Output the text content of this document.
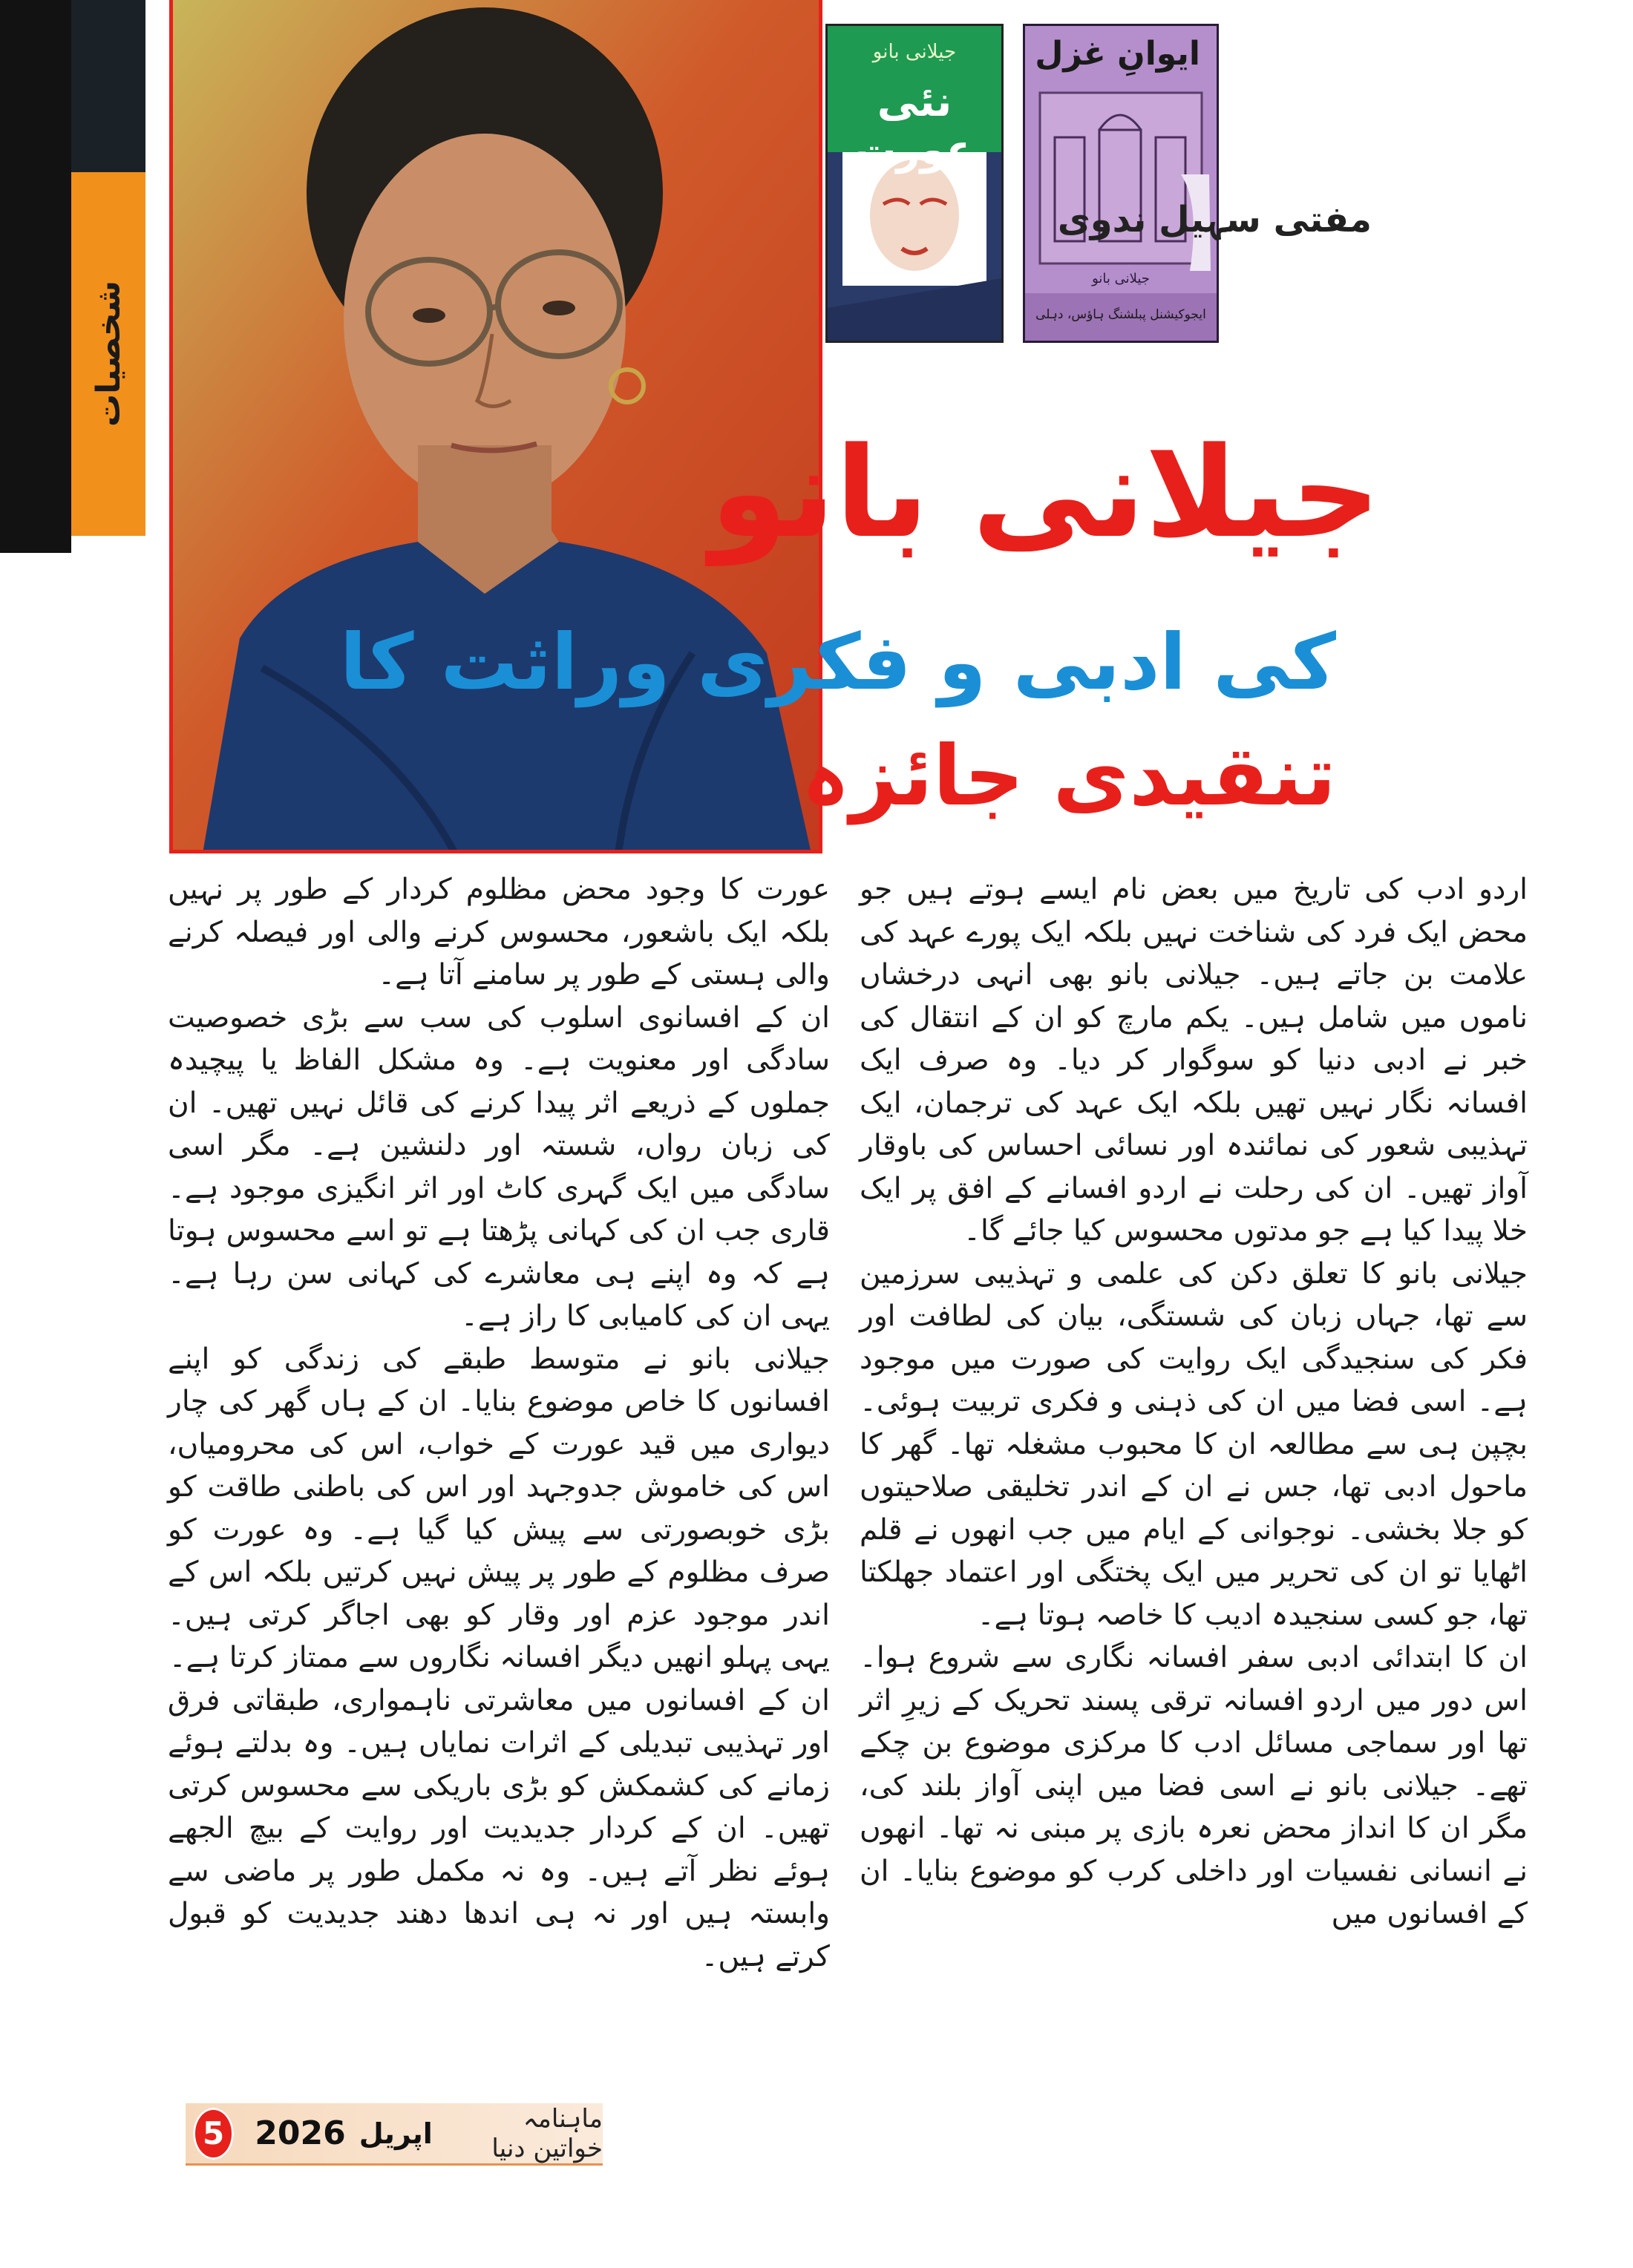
شخصیات
جیلانی بانو
نئی عورت
ایوانِ غزل
جیلانی بانو
ایجوکیشنل پبلشنگ ہاؤس، دہلی
مفتی سہیل ندوی
جیلانی بانو
کی ادبی و فکری وراثت کا
تنقیدی جائزہ

اردو ادب کی تاریخ میں بعض نام ایسے ہوتے ہیں جو محض ایک فرد کی شناخت نہیں بلکہ ایک پورے عہد کی علامت بن جاتے ہیں۔ جیلانی بانو بھی انہی درخشاں ناموں میں شامل ہیں۔ یکم مارچ کو ان کے انتقال کی خبر نے ادبی دنیا کو سوگوار کر دیا۔ وہ صرف ایک افسانہ نگار نہیں تھیں بلکہ ایک عہد کی ترجمان، ایک تہذیبی شعور کی نمائندہ اور نسائی احساس کی باوقار آواز تھیں۔ ان کی رحلت نے اردو افسانے کے افق پر ایک خلا پیدا کیا ہے جو مدتوں محسوس کیا جائے گا۔

جیلانی بانو کا تعلق دکن کی علمی و تہذیبی سرزمین سے تھا، جہاں زبان کی شستگی، بیان کی لطافت اور فکر کی سنجیدگی ایک روایت کی صورت میں موجود ہے۔ اسی فضا میں ان کی ذہنی و فکری تربیت ہوئی۔ بچپن ہی سے مطالعہ ان کا محبوب مشغلہ تھا۔ گھر کا ماحول ادبی تھا، جس نے ان کے اندر تخلیقی صلاحیتوں کو جلا بخشی۔ نوجوانی کے ایام میں جب انھوں نے قلم اٹھایا تو ان کی تحریر میں ایک پختگی اور اعتماد جھلکتا تھا، جو کسی سنجیدہ ادیب کا خاصہ ہوتا ہے۔

ان کا ابتدائی ادبی سفر افسانہ نگاری سے شروع ہوا۔ اس دور میں اردو افسانہ ترقی پسند تحریک کے زیرِ اثر تھا اور سماجی مسائل ادب کا مرکزی موضوع بن چکے تھے۔ جیلانی بانو نے اسی فضا میں اپنی آواز بلند کی، مگر ان کا انداز محض نعرہ بازی پر مبنی نہ تھا۔ انھوں نے انسانی نفسیات اور داخلی کرب کو موضوع بنایا۔ ان کے افسانوں میں

عورت کا وجود محض مظلوم کردار کے طور پر نہیں بلکہ ایک باشعور، محسوس کرنے والی اور فیصلہ کرنے والی ہستی کے طور پر سامنے آتا ہے۔

ان کے افسانوی اسلوب کی سب سے بڑی خصوصیت سادگی اور معنویت ہے۔ وہ مشکل الفاظ یا پیچیدہ جملوں کے ذریعے اثر پیدا کرنے کی قائل نہیں تھیں۔ ان کی زبان رواں، شستہ اور دلنشین ہے۔ مگر اسی سادگی میں ایک گہری کاٹ اور اثر انگیزی موجود ہے۔ قاری جب ان کی کہانی پڑھتا ہے تو اسے محسوس ہوتا ہے کہ وہ اپنے ہی معاشرے کی کہانی سن رہا ہے۔ یہی ان کی کامیابی کا راز ہے۔

جیلانی بانو نے متوسط طبقے کی زندگی کو اپنے افسانوں کا خاص موضوع بنایا۔ ان کے ہاں گھر کی چار دیواری میں قید عورت کے خواب، اس کی محرومیاں، اس کی خاموش جدوجہد اور اس کی باطنی طاقت کو بڑی خوبصورتی سے پیش کیا گیا ہے۔ وہ عورت کو صرف مظلوم کے طور پر پیش نہیں کرتیں بلکہ اس کے اندر موجود عزم اور وقار کو بھی اجاگر کرتی ہیں۔ یہی پہلو انھیں دیگر افسانہ نگاروں سے ممتاز کرتا ہے۔

ان کے افسانوں میں معاشرتی ناہمواری، طبقاتی فرق اور تہذیبی تبدیلی کے اثرات نمایاں ہیں۔ وہ بدلتے ہوئے زمانے کی کشمکش کو بڑی باریکی سے محسوس کرتی تھیں۔ ان کے کردار جدیدیت اور روایت کے بیچ الجھے ہوئے نظر آتے ہیں۔ وہ نہ مکمل طور پر ماضی سے وابستہ ہیں اور نہ ہی اندھا دھند جدیدیت کو قبول کرتے ہیں۔

5 2026 اپریل	ماہنامہ خواتین دنیا
